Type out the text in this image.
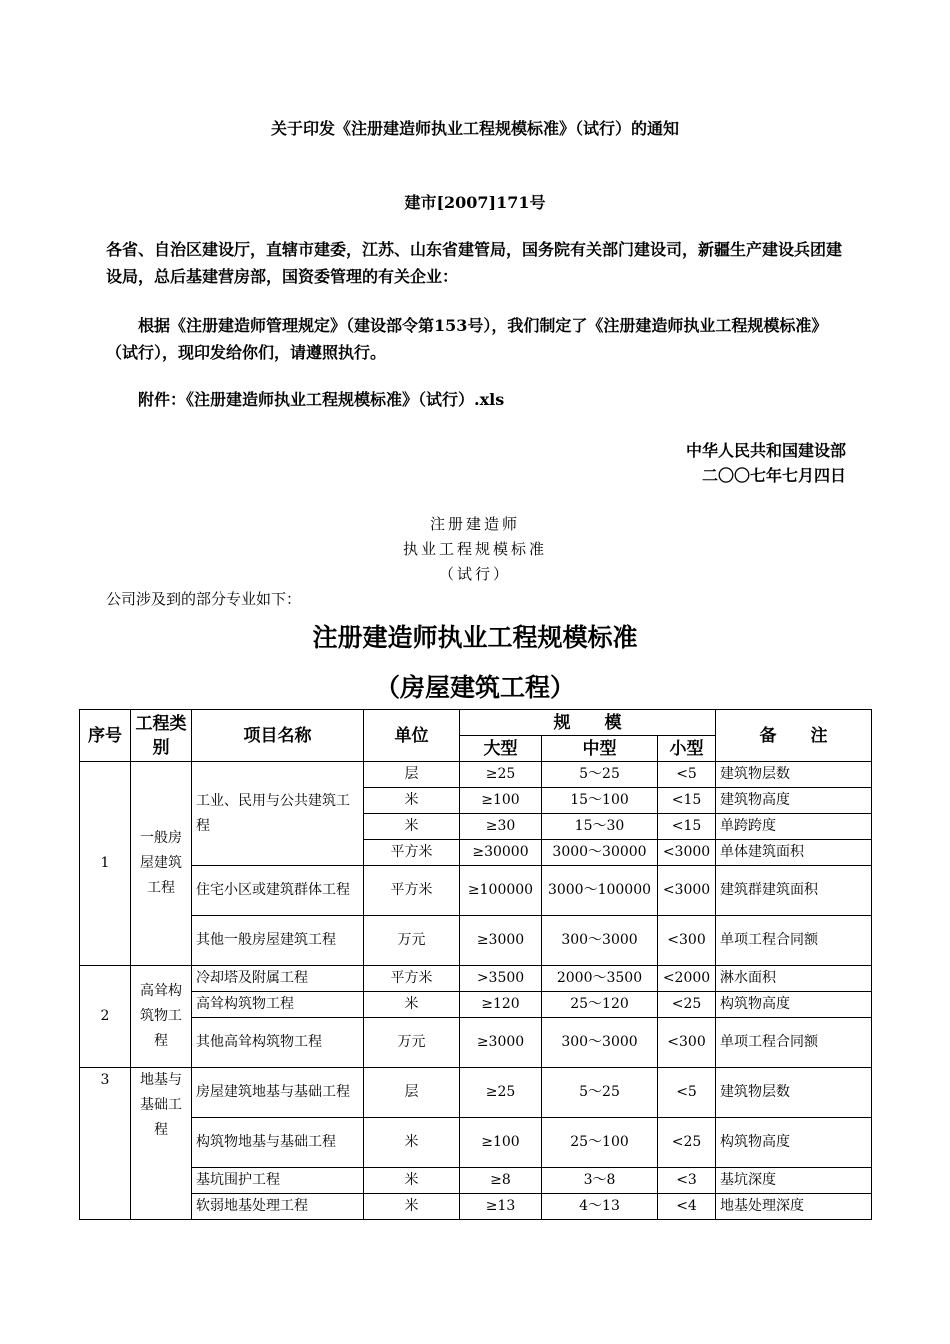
关于印发《注册建造师执业工程规模标准》（试行）的通知
建市[2007]171号
各省、自治区建设厅，直辖市建委，江苏、山东省建管局，国务院有关部门建设司，新疆生产建设兵团建设局，总后基建营房部，国资委管理的有关企业：
根据《注册建造师管理规定》（建设部令第153号），我们制定了《注册建造师执业工程规模标准》（试行），现印发给你们，请遵照执行。
附件：《注册建造师执业工程规模标准》（试行）.xls
中华人民共和国建设部
二〇〇七年七月四日
注册建造师
执业工程规模标准
（试行）
公司涉及到的部分专业如下：
注册建造师执业工程规模标准
（房屋建筑工程）
序号	工程类别	项目名称	单位	规　　模			备　　注
				大型	中型	小型	
1	一般房屋建筑工程	工业、民用与公共建筑工程	层	≥25	5～25	<5	建筑物层数
			米	≥100	15～100	<15	建筑物高度
			米	≥30	15～30	<15	单跨跨度
			平方米	≥30000	3000～30000	<3000	单体建筑面积
		住宅小区或建筑群体工程	平方米	≥100000	3000～100000	<3000	建筑群建筑面积
		其他一般房屋建筑工程	万元	≥3000	300～3000	<300	单项工程合同额
2	高耸构筑物工程	冷却塔及附属工程	平方米	>3500	2000～3500	<2000	淋水面积
		高耸构筑物工程	米	≥120	25～120	<25	构筑物高度
		其他高耸构筑物工程	万元	≥3000	300～3000	<300	单项工程合同额
3	地基与基础工程	房屋建筑地基与基础工程	层	≥25	5～25	<5	建筑物层数
		构筑物地基与基础工程	米	≥100	25～100	<25	构筑物高度
		基坑围护工程	米	≥8	3～8	<3	基坑深度
		软弱地基处理工程	米	≥13	4～13	<4	地基处理深度
